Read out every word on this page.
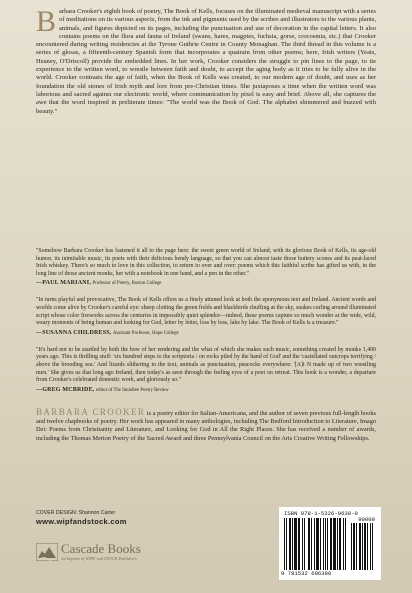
Barbara Crooker's eighth book of poetry, The Book of Kells, focuses on the illuminated medieval manuscript with a series of meditations on its various aspects, from the ink and pigments used by the scribes and illustrators to the various plants, animals, and figures depicted on its pages, including the punctuation and use of decoration in the capital letters. It also contains poems on the flora and fauna of Ireland (swans, hares, magpies, fuchsia, gorse, crocosmia, etc.) that Crooker encountered during writing residencies at the Tyrone Guthrie Centre in County Monaghan. The third thread in this volume is a series of glosas, a fifteenth-century Spanish form that incorporates a quatrain from other poems; here, Irish writers (Yeats, Heaney, O'Driscoll) provide the embedded lines. In her work, Crooker considers the struggle to pin lines to the page, to tie experience to the written word, to wrestle between faith and doubt, to accept the aging body as it tries to be fully alive in the world. Crooker contrasts the age of faith, when the Book of Kells was created, to our modern age of doubt, and uses as her foundation the old stones of Irish myth and lore from pre-Christian times. She juxtaposes a time when the written word was laborious and sacred against our electronic world, where communication by pixel is easy and brief. Above all, she captures the awe that the word inspired in preliterate times: "The world was the Book of God. The alphabet shimmered and buzzed with beauty."

"Somehow Barbara Crooker has fastened it all to the page here: the sweet green world of Ireland, with its glorious Book of Kells, its age-old humor, its inimitable music, its poets with their delicious bendy language, so that you can almost taste those buttery scones and its peat-laced Irish whiskey. There's so much to love in this collection, to return to over and over: poems which this faithful scribe has gifted us with, in the long line of those ancient monks, her with a notebook in one hand, and a pen in the other."

—PAUL MARIANI, Professor of Poetry, Boston College

"In turns playful and provocative, The Book of Kells offers us a finely attuned look at both the eponymous text and Ireland. Ancient words and worlds come alive by Crooker's careful eye: sheep clotting the green fields and blackbirds chuffing at the sky, snakes curling around illuminated script whose color fireworks across the centuries in impossibly quiet splendor—indeed, these poems capture so much wonder at the wide, wild, weary moments of being human and looking for God, letter by letter, loss by loss, lake by lake. The Book of Kells is a treasure."

—SUSANNA CHILDRESS, Assistant Professor, Hope College

"It's hard not to be startled by both the how of her rendering and the what of which she makes such music, something created by monks 1,400 years ago. This is thrilling stuff: 'six hundred steps to the scriptoria / on rocks piled by the hand of God' and the 'castellated outcrops terrifying / above the brooding sea.' And lizards slithering in the text, animals as punctuation, peacocks everywhere: '[A]t N made up of two wrestling men.' She gives us that long ago Ireland, then today's as seen through the feeling eyes of a poet on retreat. This book is a wonder, a departure from Crooker's celebrated domestic work, and gloriously so."

—GREG MCBRIDE, editor of The Innisfree Poetry Review

BARBARA CROOKER is a poetry editor for Italian-Americana, and the author of seven previous full-length books and twelve chapbooks of poetry. Her work has appeared in many anthologies, including The Bedford Introduction to Literature, Imago Dei: Poems from Christianity and Literature, and Looking for God in All the Right Places. She has received a number of awards, including the Thomas Merton Poetry of the Sacred Award and three Pennsylvania Council on the Arts Creative Writing Fellowships.
COVER DESIGN: Shannon Carter
www.wipfandstock.com
Cascade Books
An Imprint of WIPF and STOCK Publishers
ISBN 978-1-5326-0638-0
90000
9 781532 606380
